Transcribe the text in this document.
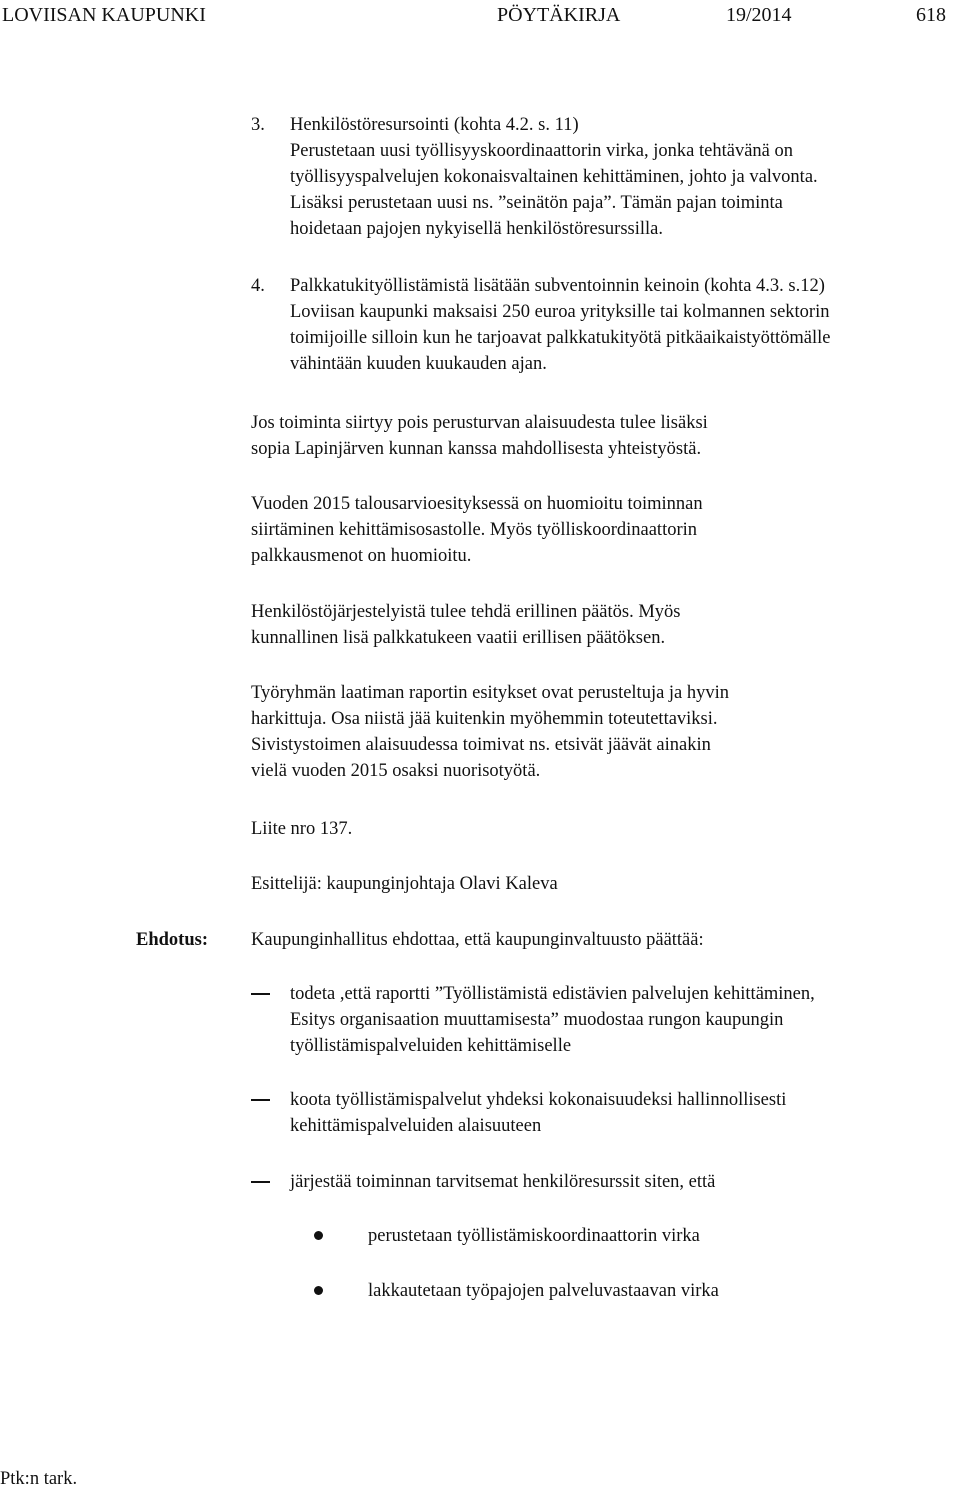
LOVIISAN KAUPUNKI	PÖYTÄKIRJA	19/2014	618
3. Henkilöstöresursointi (kohta 4.2. s. 11)
Perustetaan uusi työllisyyskoordinaattorin virka, jonka tehtävänä on
työllisyyspalvelujen kokonaisvaltainen kehittäminen, johto ja valvonta.
Lisäksi perustetaan uusi ns. ”seinätön paja”. Tämän pajan toiminta
hoidetaan pajojen nykyisellä henkilöstöresurssilla.
4. Palkkatukityöllistämistä lisätään subventoinnin keinoin (kohta 4.3. s.12)
Loviisan kaupunki maksaisi 250 euroa yrityksille tai kolmannen sektorin
toimijoille silloin kun he tarjoavat palkkatukityötä pitkäaikaistyöttömälle
vähintään kuuden kuukauden ajan.
Jos toiminta siirtyy pois perusturvan alaisuudesta tulee lisäksi
sopia Lapinjärven kunnan kanssa mahdollisesta yhteistyöstä.
Vuoden 2015 talousarvioesityksessä on huomioitu toiminnan
siirtäminen kehittämisosastolle. Myös työlliskoordinaattorin
palkkausmenot on huomioitu.
Henkilöstöjärjestelyistä tulee tehdä erillinen päätös. Myös
kunnallinen lisä palkkatukeen vaatii erillisen päätöksen.
Työryhmän laatiman raportin esitykset ovat perusteltuja ja hyvin
harkittuja. Osa niistä jää kuitenkin myöhemmin toteutettaviksi.
Sivistystoimen alaisuudessa toimivat ns. etsivät jäävät ainakin
vielä vuoden 2015 osaksi nuorisotyötä.
Liite nro 137.
Esittelijä: kaupunginjohtaja Olavi Kaleva
Ehdotus: Kaupunginhallitus ehdottaa, että kaupunginvaltuusto päättää:
todeta ,että raportti ”Työllistämistä edistävien palvelujen kehittäminen,
Esitys organisaation muuttamisesta” muodostaa rungon kaupungin
työllistämispalveluiden kehittämiselle
koota työllistämispalvelut yhdeksi kokonaisuudeksi hallinnollisesti
kehittämispalveluiden alaisuuteen
järjestää toiminnan tarvitsemat henkilöresurssit siten, että
perustetaan työllistämiskoordinaattorin virka
lakkautetaan työpajojen palveluvastaavan virka
Ptk:n tark.
